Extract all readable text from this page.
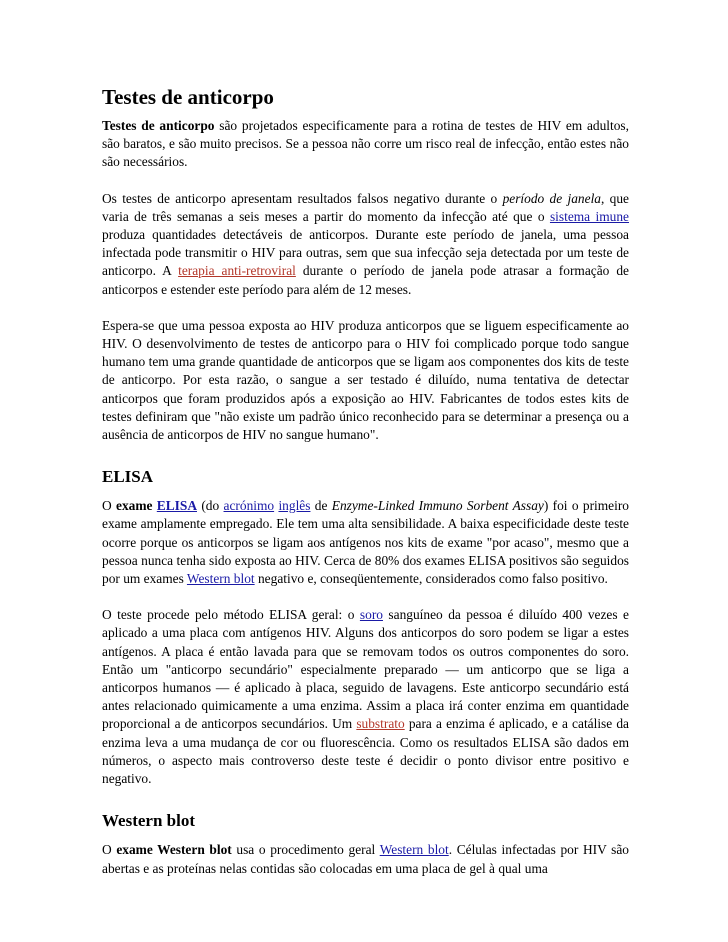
Testes de anticorpo

Testes de anticorpo são projetados especificamente para a rotina de testes de HIV em adultos, são baratos, e são muito precisos. Se a pessoa não corre um risco real de infecção, então estes não são necessários.

Os testes de anticorpo apresentam resultados falsos negativo durante o período de janela, que varia de três semanas a seis meses a partir do momento da infecção até que o sistema imune produza quantidades detectáveis de anticorpos. Durante este período de janela, uma pessoa infectada pode transmitir o HIV para outras, sem que sua infecção seja detectada por um teste de anticorpo. A terapia anti-retroviral durante o período de janela pode atrasar a formação de anticorpos e estender este período para além de 12 meses.

Espera-se que uma pessoa exposta ao HIV produza anticorpos que se liguem especificamente ao HIV. O desenvolvimento de testes de anticorpo para o HIV foi complicado porque todo sangue humano tem uma grande quantidade de anticorpos que se ligam aos componentes dos kits de teste de anticorpo. Por esta razão, o sangue a ser testado é diluído, numa tentativa de detectar anticorpos que foram produzidos após a exposição ao HIV. Fabricantes de todos estes kits de testes definiram que "não existe um padrão único reconhecido para se determinar a presença ou a ausência de anticorpos de HIV no sangue humano".

ELISA

O exame ELISA (do acrónimo inglês de Enzyme-Linked Immuno Sorbent Assay) foi o primeiro exame amplamente empregado. Ele tem uma alta sensibilidade. A baixa especificidade deste teste ocorre porque os anticorpos se ligam aos antígenos nos kits de exame "por acaso", mesmo que a pessoa nunca tenha sido exposta ao HIV. Cerca de 80% dos exames ELISA positivos são seguidos por um exames Western blot negativo e, conseqüentemente, considerados como falso positivo.

O teste procede pelo método ELISA geral: o soro sanguíneo da pessoa é diluído 400 vezes e aplicado a uma placa com antígenos HIV. Alguns dos anticorpos do soro podem se ligar a estes antígenos. A placa é então lavada para que se removam todos os outros componentes do soro. Então um "anticorpo secundário" especialmente preparado — um anticorpo que se liga a anticorpos humanos — é aplicado à placa, seguido de lavagens. Este anticorpo secundário está antes relacionado quimicamente a uma enzima. Assim a placa irá conter enzima em quantidade proporcional a de anticorpos secundários. Um substrato para a enzima é aplicado, e a catálise da enzima leva a uma mudança de cor ou fluorescência. Como os resultados ELISA são dados em números, o aspecto mais controverso deste teste é decidir o ponto divisor entre positivo e negativo.

Western blot

O exame Western blot usa o procedimento geral Western blot. Células infectadas por HIV são abertas e as proteínas nelas contidas são colocadas em uma placa de gel à qual uma
